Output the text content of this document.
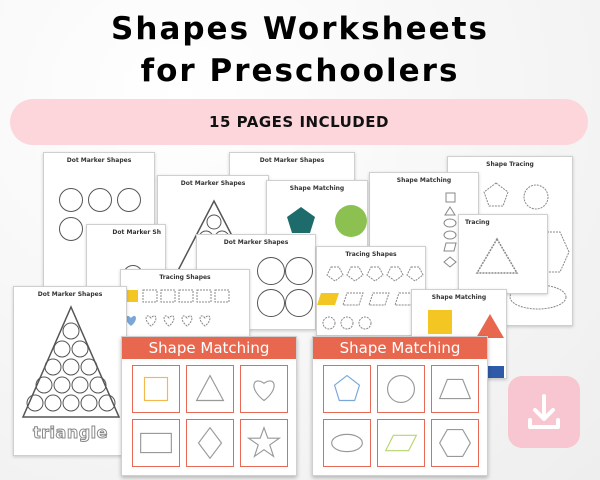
Shapes Worksheets
for Preschoolers
15 PAGES INCLUDED
Dot Marker Shapes	Dot Marker Shapes
Shape Tracing
Shape Matching
Tracing
Dot Marker Shapes
Dot Marker Sh
Shape Matching
Dot Marker Shapes
Tracing Shapes
Shape Matching
Tracing Shapes
Dot Marker Shapes
triangle
Shape Matching	Shape Matching
